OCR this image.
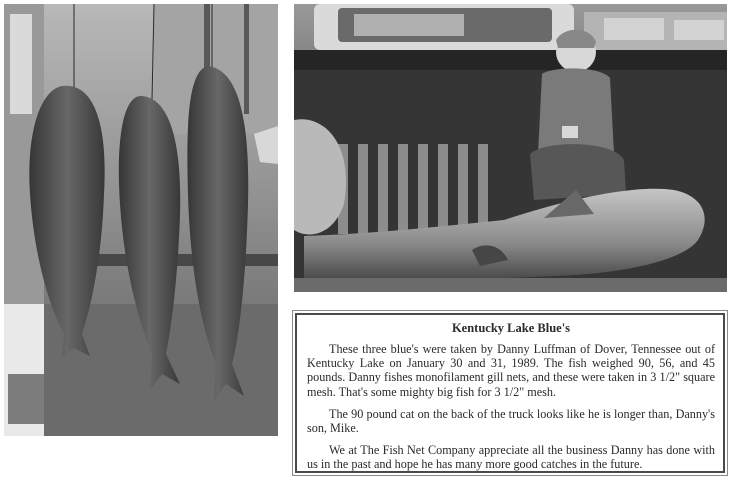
Kentucky Lake Blue's

These three blue's were taken by Danny Luffman of Dover, Tennessee out of Kentucky Lake on January 30 and 31, 1989. The fish weighed 90, 56, and 45 pounds. Danny fishes monofilament gill nets, and these were taken in 3 1/2" square mesh. That's some mighty big fish for 3 1/2" mesh.

The 90 pound cat on the back of the truck looks like he is longer than, Danny's son, Mike.

We at The Fish Net Company appreciate all the business Danny has done with us in the past and hope he has many more good catches in the future.
